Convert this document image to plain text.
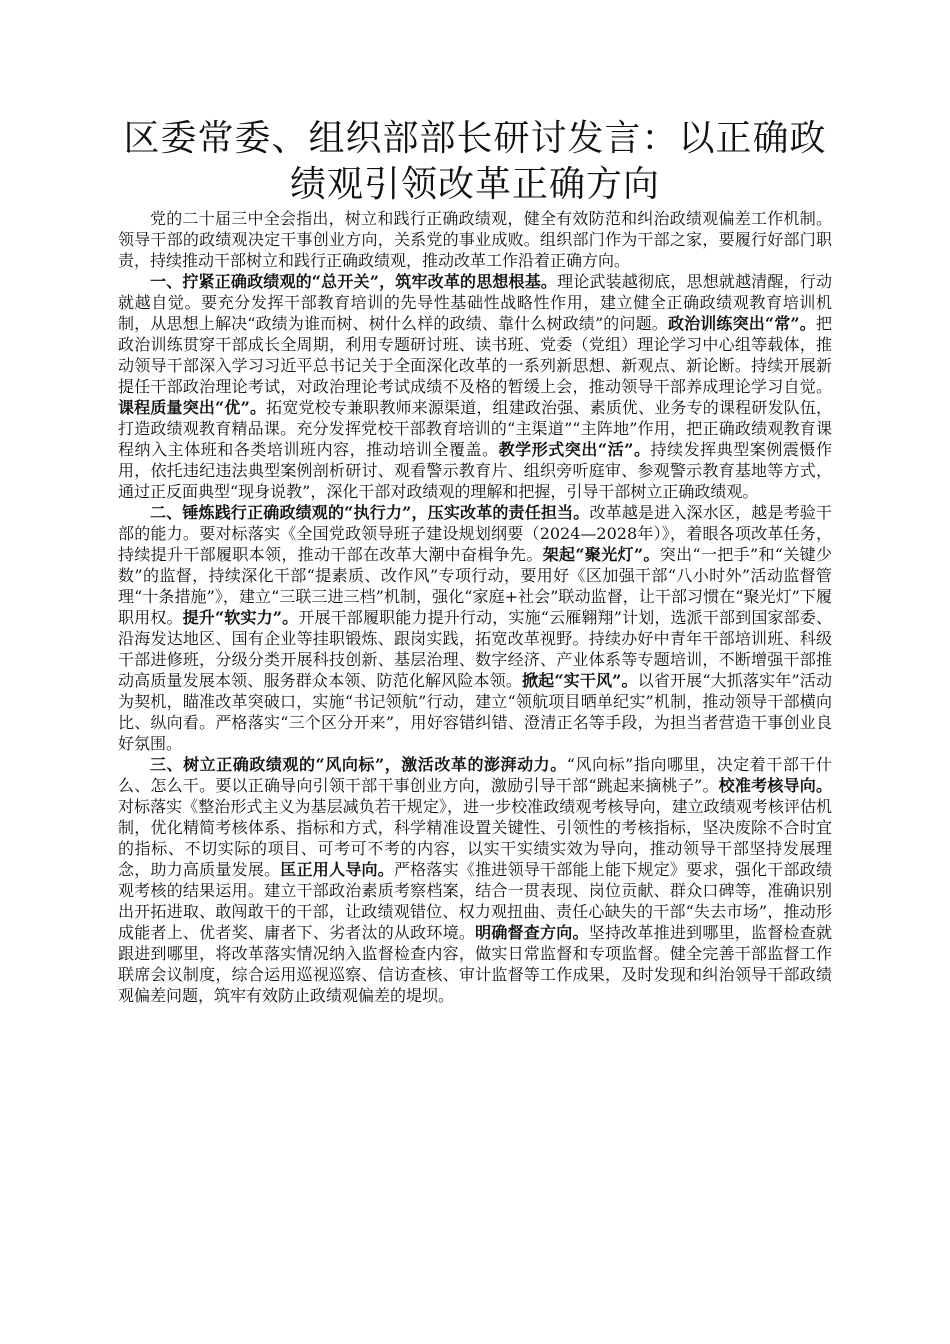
区委常委、组织部部长研讨发言：以正确政绩观引领改革正确方向

党的二十届三中全会指出，树立和践行正确政绩观，健全有效防范和纠治政绩观偏差工作机制。领导干部的政绩观决定干事创业方向，关系党的事业成败。组织部门作为干部之家，要履行好部门职责，持续推动干部树立和践行正确政绩观，推动改革工作沿着正确方向。

一、拧紧正确政绩观的“总开关”，筑牢改革的思想根基。理论武装越彻底，思想就越清醒，行动就越自觉。要充分发挥干部教育培训的先导性基础性战略性作用，建立健全正确政绩观教育培训机制，从思想上解决“政绩为谁而树、树什么样的政绩、靠什么树政绩”的问题。政治训练突出“常”。把政治训练贯穿干部成长全周期，利用专题研讨班、读书班、党委（党组）理论学习中心组等载体，推动领导干部深入学习习近平总书记关于全面深化改革的一系列新思想、新观点、新论断。持续开展新提任干部政治理论考试，对政治理论考试成绩不及格的暂缓上会，推动领导干部养成理论学习自觉。课程质量突出“优”。拓宽党校专兼职教师来源渠道，组建政治强、素质优、业务专的课程研发队伍，打造政绩观教育精品课。充分发挥党校干部教育培训的“主渠道”“主阵地”作用，把正确政绩观教育课程纳入主体班和各类培训班内容，推动培训全覆盖。教学形式突出“活”。持续发挥典型案例震慑作用，依托违纪违法典型案例剖析研讨、观看警示教育片、组织旁听庭审、参观警示教育基地等方式，通过正反面典型“现身说教”，深化干部对政绩观的理解和把握，引导干部树立正确政绩观。

二、锤炼践行正确政绩观的“执行力”，压实改革的责任担当。改革越是进入深水区，越是考验干部的能力。要对标落实《全国党政领导班子建设规划纲要（2024—2028年）》，着眼各项改革任务，持续提升干部履职本领，推动干部在改革大潮中奋楫争先。架起“聚光灯”。突出“一把手”和“关键少数”的监督，持续深化干部“提素质、改作风”专项行动，要用好《区加强干部“八小时外”活动监督管理“十条措施”》，建立“三联三进三档”机制，强化“家庭+社会”联动监督，让干部习惯在“聚光灯”下履职用权。提升“软实力”。开展干部履职能力提升行动，实施“云雁翱翔”计划，选派干部到国家部委、沿海发达地区、国有企业等挂职锻炼、跟岗实践，拓宽改革视野。持续办好中青年干部培训班、科级干部进修班，分级分类开展科技创新、基层治理、数字经济、产业体系等专题培训，不断增强干部推动高质量发展本领、服务群众本领、防范化解风险本领。掀起“实干风”。以省开展“大抓落实年”活动为契机，瞄准改革突破口，实施“书记领航”行动，建立“领航项目晒单纪实”机制，推动领导干部横向比、纵向看。严格落实“三个区分开来”，用好容错纠错、澄清正名等手段，为担当者营造干事创业良好氛围。

三、树立正确政绩观的“风向标”，激活改革的澎湃动力。“风向标”指向哪里，决定着干部干什么、怎么干。要以正确导向引领干部干事创业方向，激励引导干部“跳起来摘桃子”。校准考核导向。对标落实《整治形式主义为基层减负若干规定》，进一步校准政绩观考核导向，建立政绩观考核评估机制，优化精简考核体系、指标和方式，科学精准设置关键性、引领性的考核指标，坚决废除不合时宜的指标、不切实际的项目、可考可不考的内容，以实干实绩实效为导向，推动领导干部坚持发展理念，助力高质量发展。匡正用人导向。严格落实《推进领导干部能上能下规定》要求，强化干部政绩观考核的结果运用。建立干部政治素质考察档案，结合一贯表现、岗位贡献、群众口碑等，准确识别出开拓进取、敢闯敢干的干部，让政绩观错位、权力观扭曲、责任心缺失的干部“失去市场”，推动形成能者上、优者奖、庸者下、劣者汰的从政环境。明确督查方向。坚持改革推进到哪里，监督检查就跟进到哪里，将改革落实情况纳入监督检查内容，做实日常监督和专项监督。健全完善干部监督工作联席会议制度，综合运用巡视巡察、信访查核、审计监督等工作成果，及时发现和纠治领导干部政绩观偏差问题，筑牢有效防止政绩观偏差的堤坝。
